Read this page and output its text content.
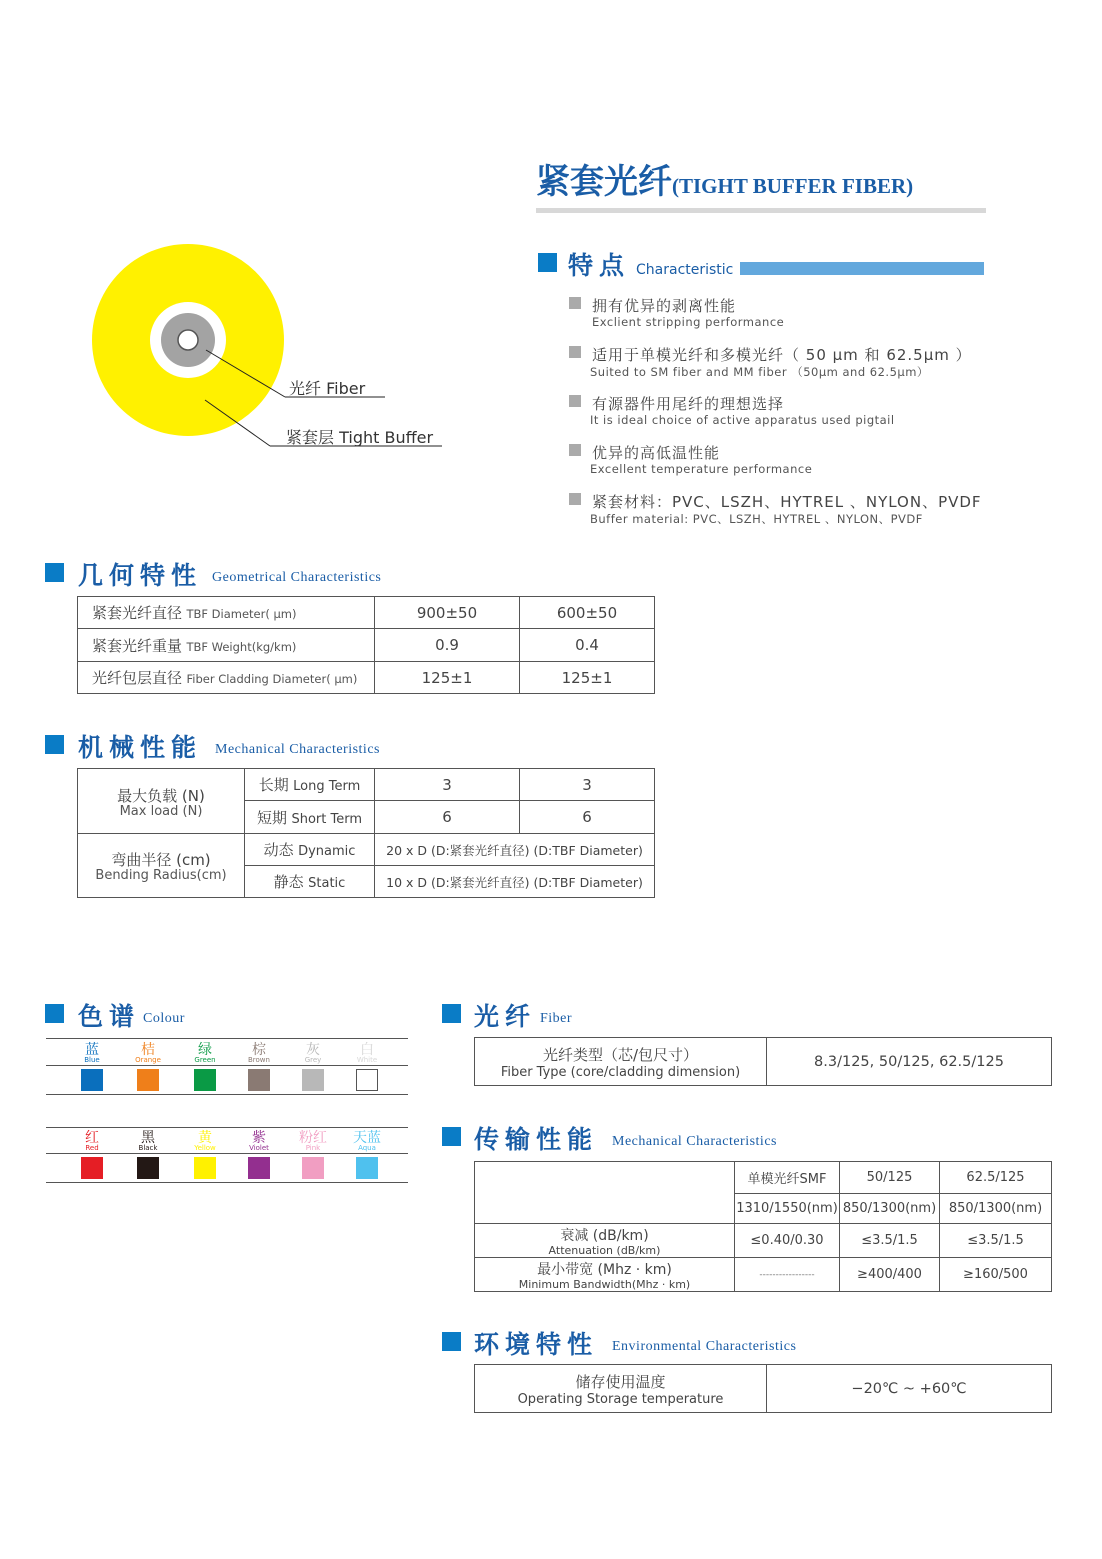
紧套光纤(TIGHT BUFFER FIBER)
光纤 Fiber
紧套层 Tight Buffer
特点 Characteristic
拥有优异的剥离性能
Exclient stripping performance
适用于单模光纤和多模光纤（ 50 μm 和 62.5μm ）
Suited to SM fiber and MM fiber （50μm and 62.5μm）
有源器件用尾纤的理想选择
It is ideal choice of active apparatus used pigtail
优异的高低温性能
Excellent temperature performance
紧套材料：PVC、LSZH、HYTREL 、NYLON、PVDF
Buffer material: PVC、LSZH、HYTREL 、NYLON、PVDF
几何特性 Geometrical Characteristics
紧套光纤直径 TBF Diameter( μm)	900±50	600±50
紧套光纤重量 TBF Weight(kg/km)	0.9	0.4
光纤包层直径 Fiber Cladding Diameter( μm)	125±1	125±1
机械性能 Mechanical Characteristics
最大负载 (N)
Max load (N)	长期 Long Term	3	3
	短期 Short Term	6	6

弯曲半径 (cm)
Bending Radius(cm)	动态 Dynamic	20 x D (D:紧套光纤直径) (D:TBF Diameter)	
	静态 Static	10 x D (D:紧套光纤直径) (D:TBF Diameter)	
色谱 Colour	光纤 Fiber
光纤类型（芯/包尺寸）
Fiber Type (core/cladding dimension)
	8.3/125, 50/125, 62.5/125
传输性能 Mechanical Characteristics
	单模光纤SMF	50/125	62.5/125
	1310/1550(nm)	850/1300(nm)	850/1300(nm)

衰减 (dB/km)
Attenuation (dB/km)	≤0.40/0.30	≤3.5/1.5	≤3.5/1.5

最小带宽 (Mhz · km)
Minimum Bandwidth(Mhz · km)	-----------------	≥400/400	≥160/500
环境特性 Environmental Characteristics
储存使用温度
Operating Storage temperature
	−20℃ ~ +60℃
蓝
Blue
桔
Orange
绿
Green
棕
Brown
灰
Grey
白
White
红
Red
黑
Black
黄
Yellow
紫
Violet
粉红
Pink
天蓝
Aqua
